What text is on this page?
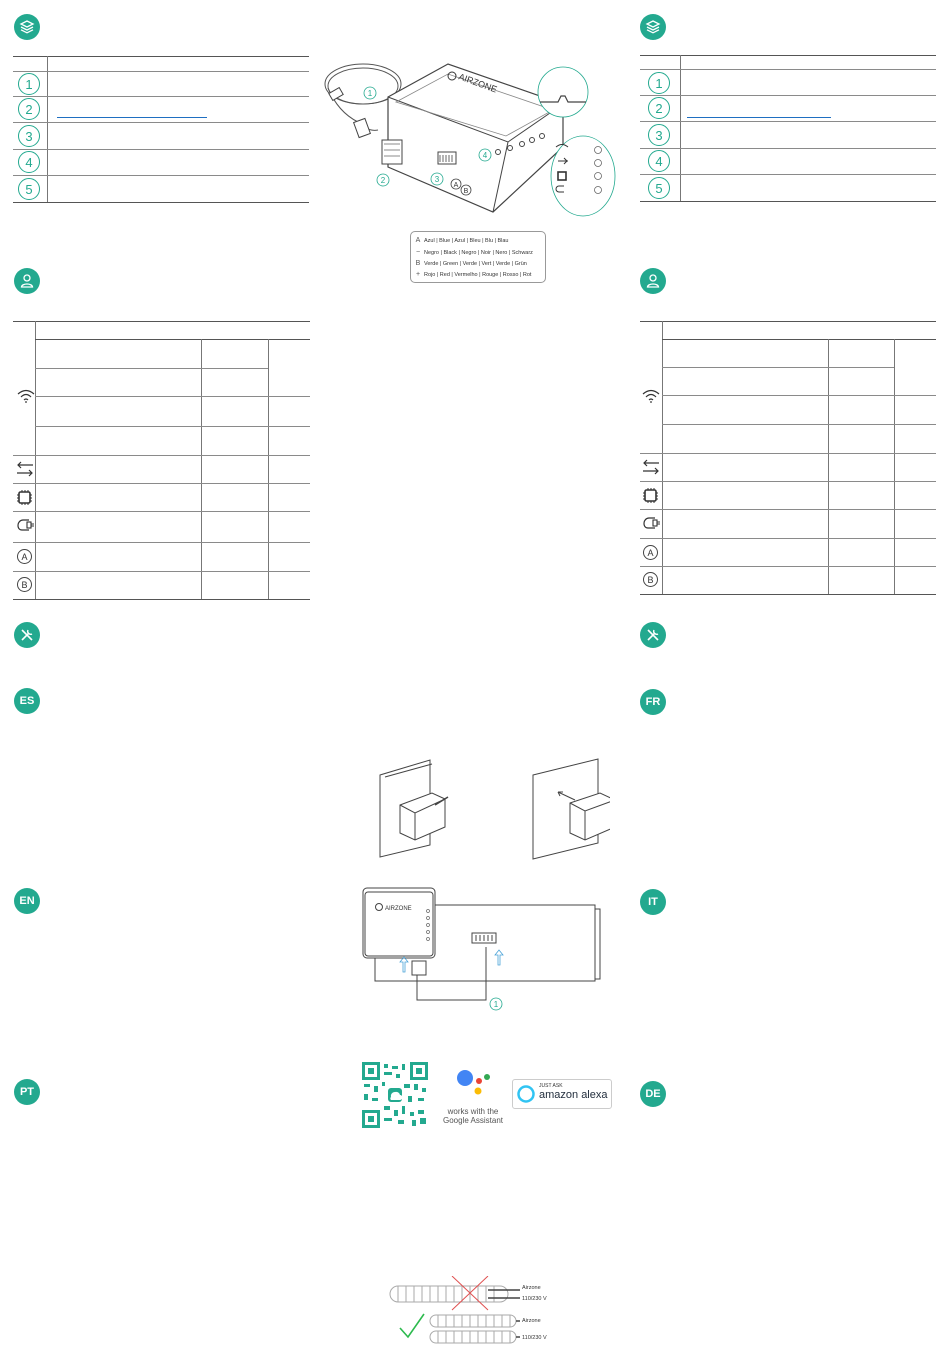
1
2
3
4
5
A
B
ES
EN
PT
1
2
3
4
5
A
B
FR
IT
DE
AIRZONE
1
2	3
4
A
B
A Azul | Blue | Azul | Bleu | Blu | Blau
− Negro | Black | Negro | Noir | Nero | Schwarz
B Verde | Green | Verde | Vert | Verde | Grün
+ Rojo | Red | Vermelho | Rouge | Rosso | Rot
AIRZONE
1
works with the
Google Assistant
JUST ASK
amazon alexa
Airzone
110/230 V
Airzone
110/230 V
